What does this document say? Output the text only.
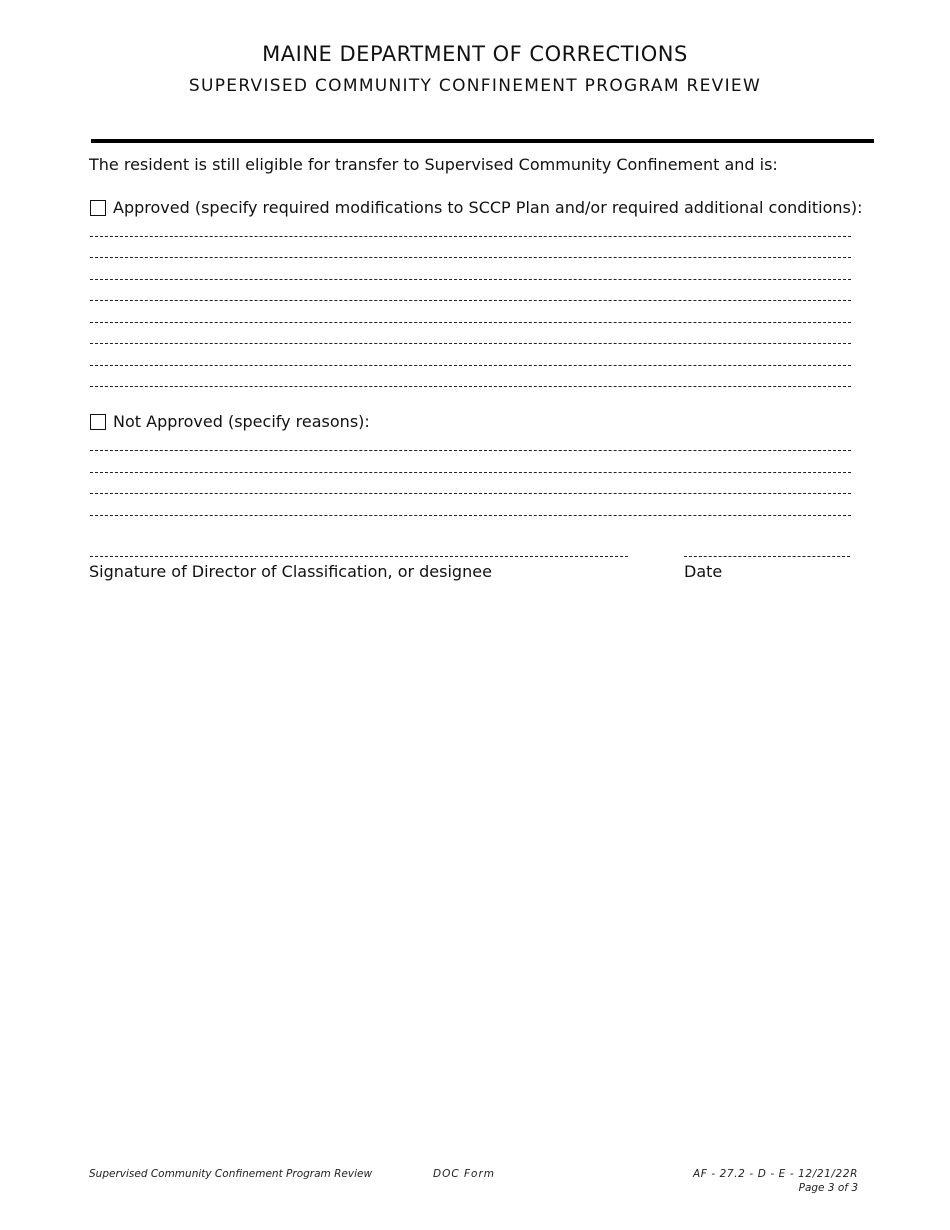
MAINE DEPARTMENT OF CORRECTIONS
SUPERVISED COMMUNITY CONFINEMENT PROGRAM REVIEW
The resident is still eligible for transfer to Supervised Community Confinement and is:
Approved (specify required modifications to SCCP Plan and/or required additional conditions):
Not Approved (specify reasons):
Signature of Director of Classification, or designee	Date
Supervised Community Confinement Program Review	DOC Form	AF - 27.2 - D - E - 12/21/22R
Page 3 of 3
